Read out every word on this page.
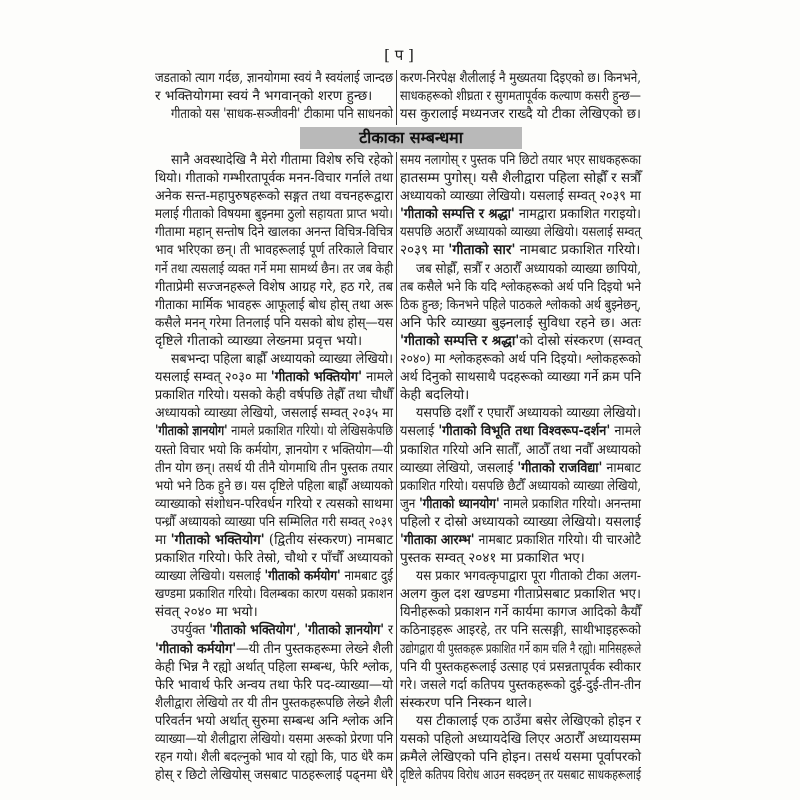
[ प ]
जडताको त्याग गर्दछ, ज्ञानयोगमा स्वयं नै स्वयंलाई जान्दछ
र भक्तियोगमा स्वयं नै भगवान्‌को शरण हुन्छ।
गीताको यस 'साधक-सञ्जीवनी' टीकामा पनि साधनको
करण-निरपेक्ष शैलीलाई नै मुख्यतया दिइएको छ। किनभने,
साधकहरूको शीघ्रता र सुगमतापूर्वक कल्याण कसरी हुन्छ—
यस कुरालाई मध्यनजर राख्दै यो टीका लेखिएको छ।
टीकाका सम्बन्धमा
सानै अवस्थादेखि नै मेरो गीतामा विशेष रुचि रहेको
थियो। गीताको गम्भीरतापूर्वक मनन-विचार गर्नाले तथा
अनेक सन्त-महापुरुषहरूको सङ्गत तथा वचनहरूद्वारा
मलाई गीताको विषयमा बुझ्नमा ठुलो सहायता प्राप्त भयो।
गीतामा महान् सन्तोष दिने खालका अनन्त विचित्र-विचित्र
भाव भरिएका छन्। ती भावहरूलाई पूर्ण तरिकाले विचार
गर्ने तथा त्यसलाई व्यक्त गर्ने ममा सामर्थ्य छैन। तर जब केही
गीताप्रेमी सज्जनहरूले विशेष आग्रह गरे, हठ गरे, तब
गीताका मार्मिक भावहरू आफूलाई बोध होस् तथा अरू
कसैले मनन् गरेमा तिनलाई पनि यसको बोध होस्—यस
दृष्टिले गीताको व्याख्या लेख्नमा प्रवृत्त भयो।
सबभन्दा पहिला बाह्रौँ अध्यायको व्याख्या लेखियो।
यसलाई सम्वत् २०३० मा 'गीताको भक्तियोग' नामले
प्रकाशित गरियो। यसको केही वर्षपछि तेह्रौँ तथा चौधौँ
अध्यायको व्याख्या लेखियो, जसलाई सम्वत् २०३५ मा
'गीताको ज्ञानयोग' नामले प्रकाशित गरियो। यो लेखिसकेपछि
यस्तो विचार भयो कि कर्मयोग, ज्ञानयोग र भक्तियोग—यी
तीन योग छन्। तसर्थ यी तीनै योगमाथि तीन पुस्तक तयार
भयो भने ठिक हुने छ। यस दृष्टिले पहिला बाह्रौँ अध्यायको
व्याख्याको संशोधन-परिवर्धन गरियो र त्यसको साथमा
पन्ध्रौँ अध्यायको व्याख्या पनि सम्मिलित गरी सम्वत् २०३९
मा 'गीताको भक्तियोग' (द्वितीय संस्करण) नामबाट
प्रकाशित गरियो। फेरि तेस्रो, चौथो र पाँचौँ अध्यायको
व्याख्या लेखियो। यसलाई 'गीताको कर्मयोग' नामबाट दुई
खण्डमा प्रकाशित गरियो। विलम्बका कारण यसको प्रकाशन
संवत् २०४० मा भयो।
उपर्युक्त 'गीताको भक्तियोग', 'गीताको ज्ञानयोग' र
'गीताको कर्मयोग'—यी तीन पुस्तकहरूमा लेख्ने शैली
केही भिन्न नै रह्यो अर्थात् पहिला सम्बन्ध, फेरि श्लोक,
फेरि भावार्थ फेरि अन्वय तथा फेरि पद-व्याख्या—यो
शैलीद्वारा लेखियो तर यी तीन पुस्तकहरूपछि लेख्ने शैली
परिवर्तन भयो अर्थात् सुरुमा सम्बन्ध अनि श्लोक अनि
व्याख्या—यो शैलीद्वारा लेखियो। यसमा अरूको प्रेरणा पनि
रहन गयो। शैली बदल्नुको भाव यो रह्यो कि, पाठ धेरै कम
होस् र छिटो लेखियोस् जसबाट पाठहरूलाई पढ्नमा धेरै
समय नलागोस् र पुस्तक पनि छिटो तयार भएर साधकहरूका
हातसम्म पुगोस्। यसै शैलीद्वारा पहिला सोह्रौँ र सत्रौँ
अध्यायको व्याख्या लेखियो। यसलाई सम्वत् २०३९ मा
'गीताको सम्पत्ति र श्रद्धा' नामद्वारा प्रकाशित गराइयो।
यसपछि अठारौँ अध्यायको व्याख्या लेखियो। यसलाई सम्वत्
२०३९ मा 'गीताको सार' नामबाट प्रकाशित गरियो।
जब सोह्रौँ, सत्रौँ र अठारौँ अध्यायको व्याख्या छापियो,
तब कसैले भने कि यदि श्लोकहरूको अर्थ पनि दिइयो भने
ठिक हुन्छ; किनभने पहिले पाठकले श्लोकको अर्थ बुझ्नेछन्,
अनि फेरि व्याख्या बुझ्नलाई सुविधा रहने छ। अतः
'गीताको सम्पत्ति र श्रद्धा'को दोस्रो संस्करण (सम्वत्
२०४०) मा श्लोकहरूको अर्थ पनि दिइयो। श्लोकहरूको
अर्थ दिनुको साथसाथै पदहरूको व्याख्या गर्ने क्रम पनि
केही बदलियो।
यसपछि दशौँ र एघारौँ अध्यायको व्याख्या लेखियो।
यसलाई 'गीताको विभूति तथा विश्वरूप-दर्शन' नामले
प्रकाशित गरियो अनि सातौँ, आठौँ तथा नवौँ अध्यायको
व्याख्या लेखियो, जसलाई 'गीताको राजविद्या' नामबाट
प्रकाशित गरियो। यसपछि छैटौँ अध्यायको व्याख्या लेखियो,
जुन 'गीताको ध्यानयोग' नामले प्रकाशित गरियो। अनन्तमा
पहिलो र दोस्रो अध्यायको व्याख्या लेखियो। यसलाई
'गीताका आरम्भ' नामबाट प्रकाशित गरियो। यी चारओटै
पुस्तक सम्वत् २०४१ मा प्रकाशित भए।
यस प्रकार भगवत्कृपाद्वारा पूरा गीताको टीका अलग-
अलग कुल दश खण्डमा गीताप्रेसबाट प्रकाशित भए।
यिनीहरूको प्रकाशन गर्ने कार्यमा कागज आदिको कैयौँ
कठिनाइहरू आइरहे, तर पनि सत्सङ्गी, साथीभाइहरूको
उद्योगद्वारा यी पुस्तकहरू प्रकाशित गर्ने काम चलि नै रह्यो। मानिसहरूले
पनि यी पुस्तकहरूलाई उत्साह एवं प्रसन्नतापूर्वक स्वीकार
गरे। जसले गर्दा कतिपय पुस्तकहरूको दुई-दुई-तीन-तीन
संस्करण पनि निस्कन थाले।
यस टीकालाई एक ठाउँमा बसेर लेखिएको होइन र
यसको पहिलो अध्यायदेखि लिएर अठारौँ अध्यायसम्म
क्रमैले लेखिएको पनि होइन। तसर्थ यसमा पूर्वापरको
दृष्टिले कतिपय विरोध आउन सक्दछन् तर यसबाट साधकहरूलाई
